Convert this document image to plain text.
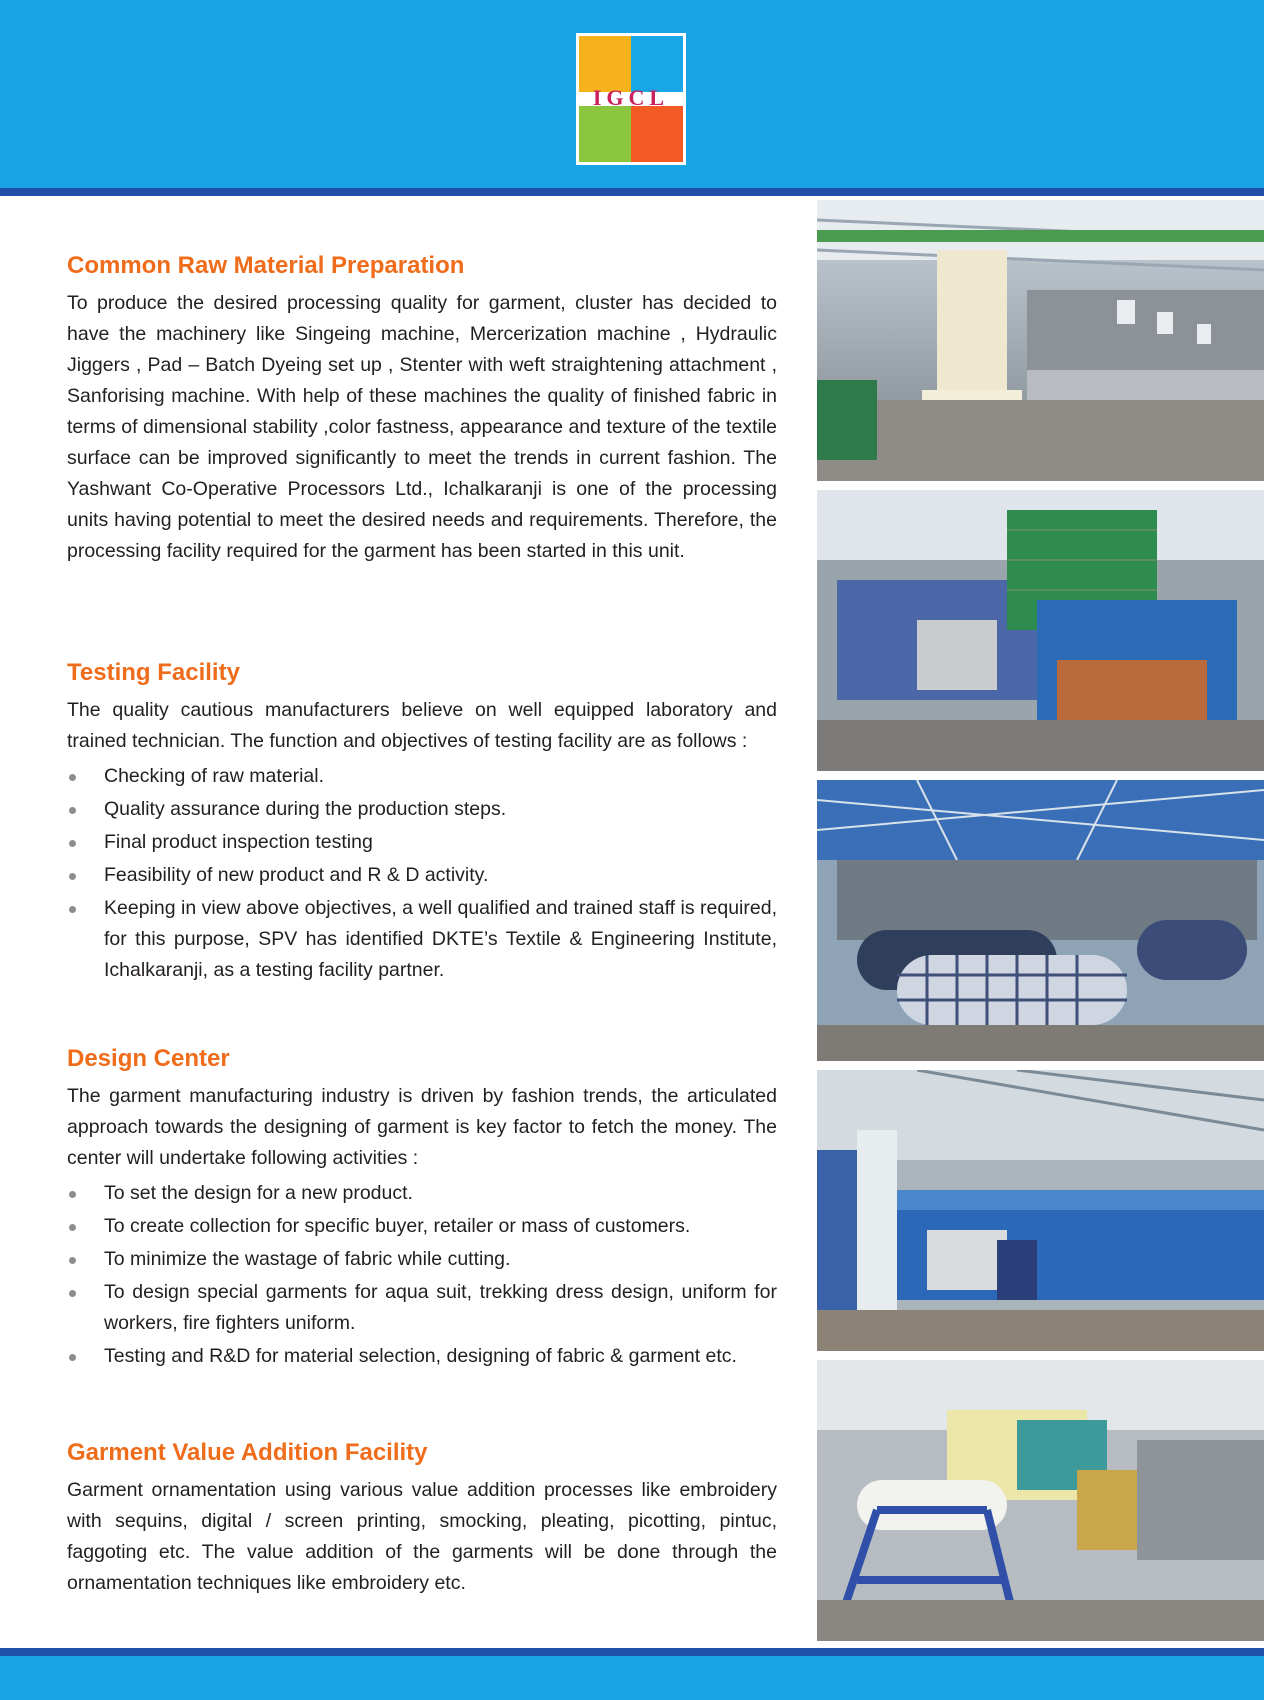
IGCL
Common Raw Material Preparation

To produce the desired processing quality for garment, cluster has decided to have the machinery like Singeing machine, Mercerization machine , Hydraulic Jiggers , Pad – Batch Dyeing set up , Stenter with weft straightening attachment , Sanforising machine. With help of these machines the quality of finished fabric in terms of dimensional stability ,color fastness, appearance and texture of the textile surface can be improved significantly to meet the trends in current fashion. The Yashwant Co-Operative Processors Ltd., Ichalkaranji is one of the processing units having potential to meet the desired needs and requirements. Therefore, the processing facility required for the garment has been started in this unit.

Testing Facility

The quality cautious manufacturers believe on well equipped laboratory and trained technician. The function and objectives of testing facility are as follows :

Checking of raw material.
Quality assurance during the production steps.
Final product inspection testing
Feasibility of new product and R & D activity.
Keeping in view above objectives, a well qualified and trained staff is required, for this purpose, SPV has identified DKTE’s Textile & Engineering Institute, Ichalkaranji, as a testing facility partner.
Design Center

The garment manufacturing industry is driven by fashion trends, the articulated approach towards the designing of garment is key factor to fetch the money. The center will undertake following activities :

To set the design for a new product.
To create collection for specific buyer, retailer or mass of customers.
To minimize the wastage of fabric while cutting.
To design special garments for aqua suit, trekking dress design, uniform for workers, fire fighters uniform.
Testing and R&D for material selection, designing of fabric & garment etc.
Garment Value Addition Facility

Garment ornamentation using various value addition processes like embroidery with sequins, digital / screen printing, smocking, pleating, picotting, pintuc, faggoting etc. The value addition of the garments will be done through the ornamentation techniques like embroidery etc.
